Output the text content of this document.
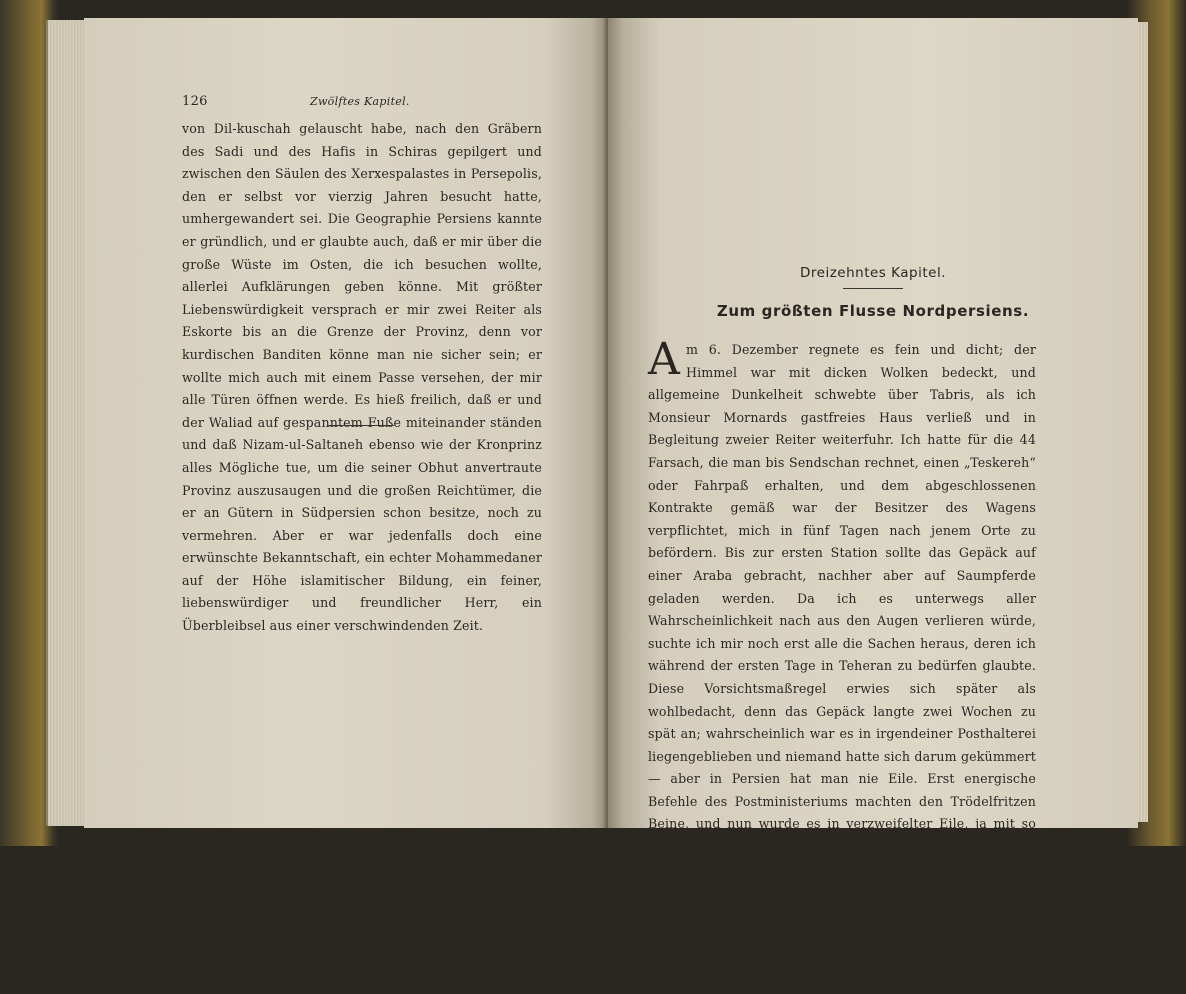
126	Zwölftes Kapitel.

von Dil-kuschah gelauscht habe, nach den Gräbern des Sadi und des Hafis in Schiras gepilgert und zwischen den Säulen des Xerxespalastes in Persepolis, den er selbst vor vierzig Jahren besucht hatte, umhergewandert sei. Die Geographie Persiens kannte er gründlich, und er glaubte auch, daß er mir über die große Wüste im Osten, die ich besuchen wollte, allerlei Aufklärungen geben könne. Mit größter Liebenswürdigkeit versprach er mir zwei Reiter als Eskorte bis an die Grenze der Provinz, denn vor kurdischen Banditen könne man nie sicher sein; er wollte mich auch mit einem Passe versehen, der mir alle Türen öffnen werde. Es hieß freilich, daß er und der Waliad auf gespanntem Fuße miteinander ständen und daß Nizam-ul-Saltaneh ebenso wie der Kronprinz alles Mögliche tue, um die seiner Obhut anvertraute Provinz auszusaugen und die großen Reichtümer, die er an Gütern in Südpersien schon besitze, noch zu vermehren. Aber er war jedenfalls doch eine erwünschte Bekanntschaft, ein echter Mohammedaner auf der Höhe islamitischer Bildung, ein feiner, liebenswürdiger und freundlicher Herr, ein Überbleibsel aus einer verschwindenden Zeit.

Dreizehntes Kapitel.
Zum größten Flusse Nordpersiens.

Am 6. Dezember regnete es fein und dicht; der Himmel war mit dicken Wolken bedeckt, und allgemeine Dunkelheit schwebte über Tabris, als ich Monsieur Mornards gastfreies Haus verließ und in Begleitung zweier Reiter weiterfuhr. Ich hatte für die 44 Farsach, die man bis Sendschan rechnet, einen „Teskereh“ oder Fahrpaß erhalten, und dem abgeschlossenen Kontrakte gemäß war der Besitzer des Wagens verpflichtet, mich in fünf Tagen nach jenem Orte zu befördern. Bis zur ersten Station sollte das Gepäck auf einer Araba gebracht, nachher aber auf Saumpferde geladen werden. Da ich es unterwegs aller Wahrscheinlichkeit nach aus den Augen verlieren würde, suchte ich mir noch erst alle die Sachen heraus, deren ich während der ersten Tage in Teheran zu bedürfen glaubte. Diese Vorsichtsmaßregel erwies sich später als wohlbedacht, denn das Gepäck langte zwei Wochen zu spät an; wahrscheinlich war es in irgendeiner Posthalterei liegengeblieben und niemand hatte sich darum gekümmert — aber in Persien hat man nie Eile. Erst energische Befehle des Postministeriums machten den Trödelfritzen Beine, und nun wurde es in verzweifelter Eile, ja mit so toller Geschwindigkeit weiterbefördert, daß verschiedene Sachen in entsetzlicher Verfassung ankamen und etwa zwei Dutzend wertvoller photographischer Platten gänzlich ruiniert waren.

Mit einem Gefühl der Erleichterung lasse ich die letzten Gassen hinter mir zurück, seelenfroh, daß ich jetzt nicht mehr Kindern und
